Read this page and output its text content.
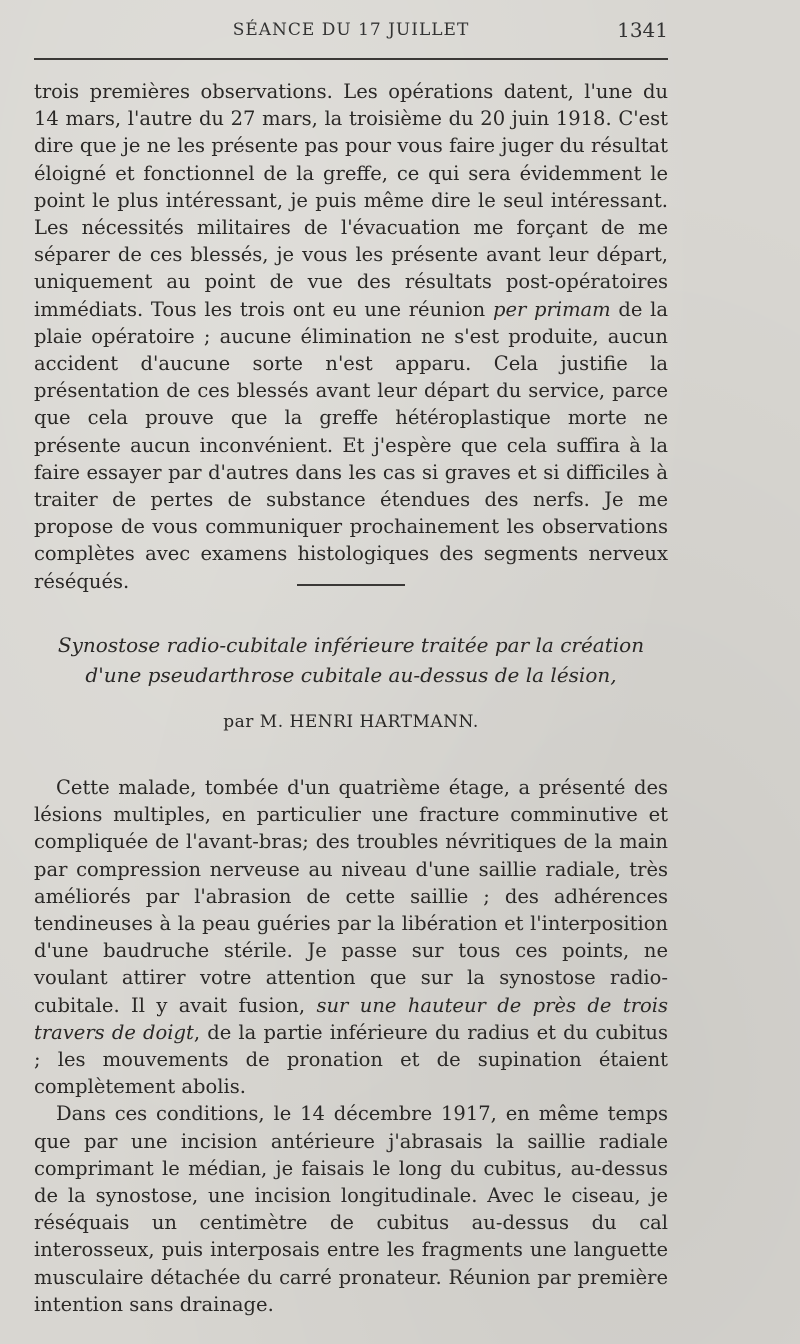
SÉANCE DU 17 JUILLET	1341

trois premières observations. Les opérations datent, l'une du 14 mars, l'autre du 27 mars, la troisième du 20 juin 1918. C'est dire que je ne les présente pas pour vous faire juger du résultat éloigné et fonctionnel de la greffe, ce qui sera évidemment le point le plus intéressant, je puis même dire le seul intéressant. Les nécessités militaires de l'évacuation me forçant de me séparer de ces blessés, je vous les présente avant leur départ, uniquement au point de vue des résultats post-opératoires immédiats. Tous les trois ont eu une réunion per primam de la plaie opératoire ; aucune élimination ne s'est produite, aucun accident d'aucune sorte n'est apparu. Cela justifie la présentation de ces blessés avant leur départ du service, parce que cela prouve que la greffe hétéroplastique morte ne présente aucun inconvénient. Et j'espère que cela suffira à la faire essayer par d'autres dans les cas si graves et si difficiles à traiter de pertes de substance étendues des nerfs. Je me propose de vous communiquer prochainement les observations complètes avec examens histologiques des segments nerveux réséqués.

Synostose radio-cubitale inférieure traitée par la création
d'une pseudarthrose cubitale au-dessus de la lésion,
par M. HENRI HARTMANN.

Cette malade, tombée d'un quatrième étage, a présenté des lésions multiples, en particulier une fracture comminutive et compliquée de l'avant-bras; des troubles névritiques de la main par compression nerveuse au niveau d'une saillie radiale, très améliorés par l'abrasion de cette saillie ; des adhérences tendineuses à la peau guéries par la libération et l'interposition d'une baudruche stérile. Je passe sur tous ces points, ne voulant attirer votre attention que sur la synostose radio-cubitale. Il y avait fusion, sur une hauteur de près de trois travers de doigt, de la partie inférieure du radius et du cubitus ; les mouvements de pronation et de supination étaient complètement abolis.

Dans ces conditions, le 14 décembre 1917, en même temps que par une incision antérieure j'abrasais la saillie radiale comprimant le médian, je faisais le long du cubitus, au-dessus de la synostose, une incision longitudinale. Avec le ciseau, je réséquais un centimètre de cubitus au-dessus du cal interosseux, puis interposais entre les fragments une languette musculaire détachée du carré pronateur. Réunion par première intention sans drainage.
